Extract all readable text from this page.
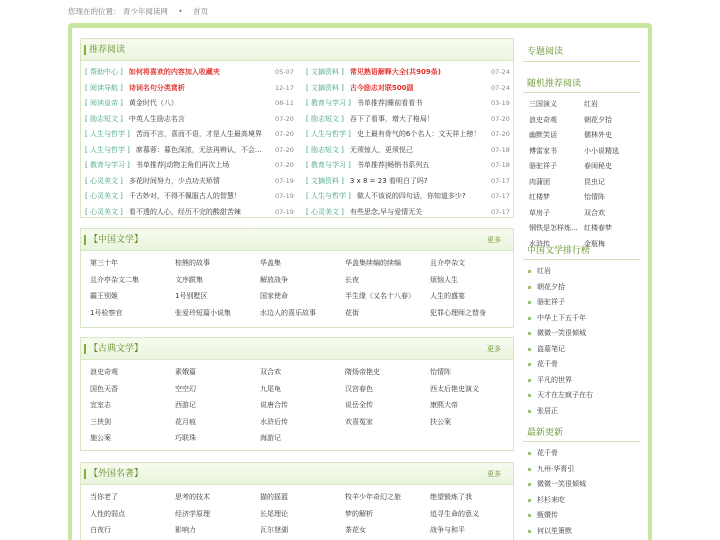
您现在的位置： 青少年阅读网 • 首页
推荐阅读
[ 帮助中心 ] 如何将喜欢的内容加入收藏夹	05-07
[ 阅读导航 ] 诗词名句分类赏析	12-17
[ 阅读皇帝 ] 黄金时代（八）	08-11
[ 励志短文 ] 中英人生励志名言	07-20
[ 人生与哲学 ] 苦而不言，喜而不语，才是人生最高境界 07-20
[ 人生与哲学 ] 席慕蓉：暮色深浓，无法再辨认，不会... 07-20
[ 教育与学习 ] 书单推荐|动物主角们再次上场	07-20
[ 心灵美文 ] 多花时间努力，少点功夫矫情	07-19
[ 心灵美文 ] 千古妙对，不得不佩服古人的智慧！	07-19
[ 心灵美文 ] 看不透的人心，经历不完的酸甜苦辣	07-19
[ 文摘资料 ] 常见熟语解释大全(共909条)	07-24
[ 文摘资料 ] 古今励志对联500副	07-24
[ 教育与学习 ] 书单推荐|睡前看看书	03-19
[ 励志短文 ] 吞下了看事，增大了格局！	07-20
[ 人生与哲学 ] 史上最有骨气的6个名人：文天祥上榜！ 07-20
[ 励志短文 ] 无须惊人，更须悦己	07-18
[ 教育与学习 ] 书单推荐|畅销书系列五	07-18
[ 文摘资料 ] 3 x 8 = 23 看明白了吗?	07-17
[ 人生与哲学 ] 做人不该说的四句话，你知道多少?	07-17
[ 心灵美文 ] 有些思念,早与爱情无关	07-17
【中国文学】	更多
第三十年	棕熊的故事	华盖集	华盖集续编的续编	且介亭杂文
且介亭杂文二集	文序跋集	解放战争	长夜	烦恼人生
霸王别姬	1号别墅区	国家使命	半生缘（又名十八春） 人生的盛宴
1号检察官	张爱玲短篇小说集	水边人的喜乐故事	花街	犯罪心理师之替身
【古典文学】	更多
浪史奇观	素娥篇	双合欢	隋炀帝艳史	怡情阵
国色天香	空空幻	九尾龟	汉宫春色	西太后艳史演义
宜室志	西游记	说唐合传	说岳全传	康熙大帝
三侠剑	花月痕	水浒后传	欢喜冤家	扶公案
施公案	巧联珠	海游记
【外国名著】	更多
当你老了	思考的技术	猫的摇篮	牧羊少年奇幻之旅	绝望锻炼了我
人性的弱点	经济学原理	长尾理论	梦的解析	追寻生命的意义
白夜行	影响力	瓦尔登湖	茶花女	战争与和平
专题阅读
随机推荐阅读
三国演义	红岩
浪史奇观	朝花夕拾
幽默笑话	儒林外史
傅雷家书	小小说精选
骆驼祥子	春闺秘史
肉蒲团	昆虫记
红楼梦	怡情阵
草房子	双合欢
钢铁是怎样炼... 红楼春梦
水浒传	金瓶梅
中国文学排行榜
红岩
朝花夕拾
骆驼祥子
中华上下五千年
微微一笑很倾城
盗墓笔记
花千骨
平凡的世界
天才在左疯子在右
张居正
最新更新
花千骨
九州·华胥引
微微一笑很倾城
杉杉来吃
甄嬛传
何以笙箫默
